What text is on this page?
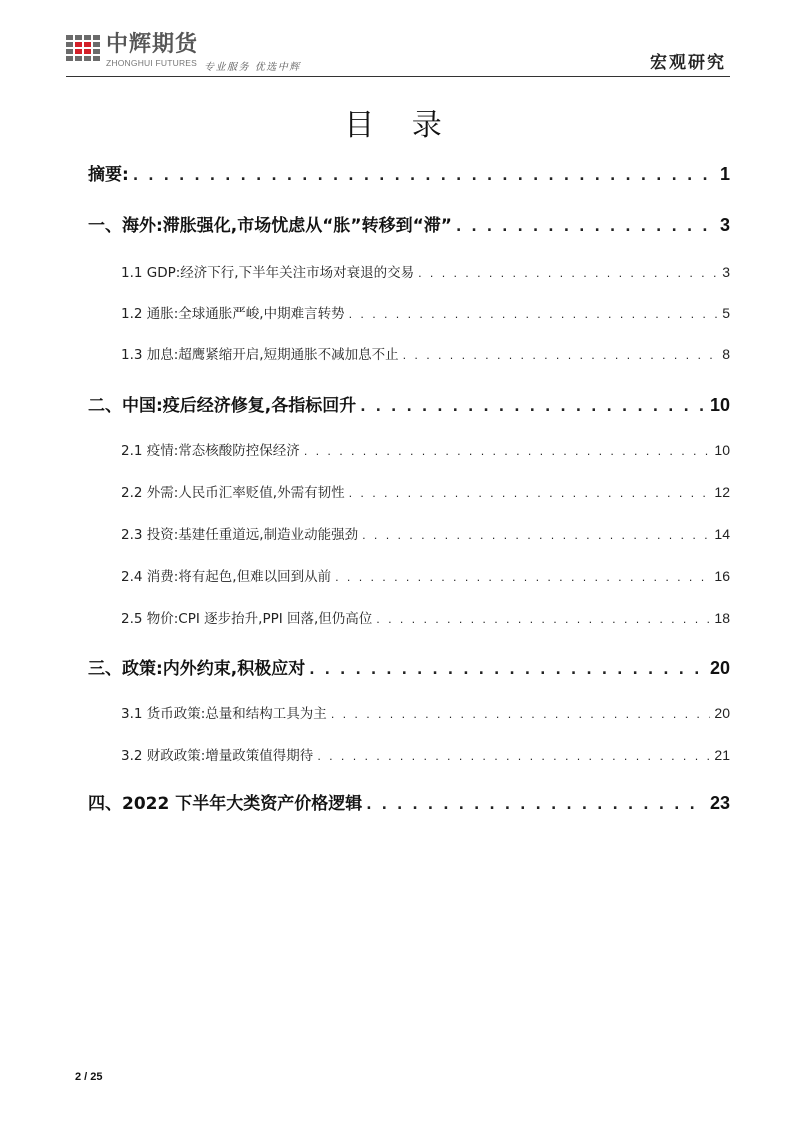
中辉期货
ZHONGHUI FUTURES 专业服务 优选中辉	宏观研究
目 录
摘要: . . .	1
一、海外:滞胀强化,市场忧虑从“胀”转移到“滞” . . .	3
1.1 GDP:经济下行,下半年关注市场对衰退的交易 . . .	3
1.2 通胀:全球通胀严峻,中期难言转势 . . .	5
1.3 加息:超鹰紧缩开启,短期通胀不减加息不止 . . .	8
二、中国:疫后经济修复,各指标回升 . . .	10
2.1 疫情:常态核酸防控保经济 . . .	10
2.2 外需:人民币汇率贬值,外需有韧性 . . .	12
2.3 投资:基建任重道远,制造业动能强劲 . . .	14
2.4 消费:将有起色,但难以回到从前 . . .	16
2.5 物价:CPI 逐步抬升,PPI 回落,但仍高位 . . .	18
三、政策:内外约束,积极应对 . . .	20
3.1 货币政策:总量和结构工具为主 . . .	20
3.2 财政政策:增量政策值得期待 . . .	21
四、2022 下半年大类资产价格逻辑 . . .	23
2 / 25
